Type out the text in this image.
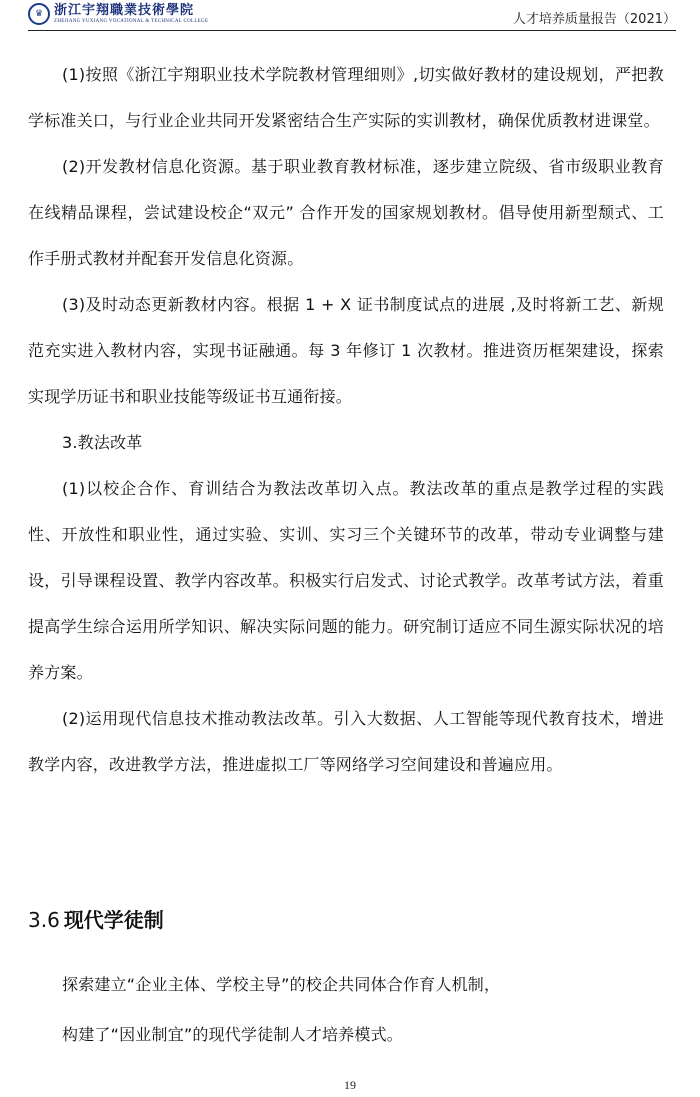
♛ 浙江宇翔職業技術學院
ZHEJIANG YUXIANG VOCATIONAL & TECHNICAL COLLEGE	人才培养质量报告（2021）

(1)按照《浙江宇翔职业技术学院教材管理细则》,切实做好教材的建设规划，严把教学标准关口，与行业企业共同开发紧密结合生产实际的实训教材，确保优质教材进课堂。

(2)开发教材信息化资源。基于职业教育教材标准，逐步建立院级、省市级职业教育在线精品课程，尝试建设校企“双元” 合作开发的国家规划教材。倡导使用新型颓式、工作手册式教材并配套开发信息化资源。

(3)及时动态更新教材内容。根据 1 + X 证书制度试点的进展 ,及时将新工艺、新规范充实进入教材内容，实现书证融通。每 3 年修订 1 次教材。推进资历框架建设，探索实现学历证书和职业技能等级证书互通衔接。

3.教法改革

(1)以校企合作、育训结合为教法改革切入点。教法改革的重点是教学过程的实践性、开放性和职业性，通过实验、实训、实习三个关键环节的改革，带动专业调整与建设，引导课程设置、教学内容改革。积极实行启发式、讨论式教学。改革考试方法，着重提高学生综合运用所学知识、解决实际问题的能力。研究制订适应不同生源实际状况的培养方案。

(2)运用现代信息技术推动教法改革。引入大数据、人工智能等现代教育技术，增进教学内容，改进教学方法，推进虚拟工厂等网络学习空间建设和普遍应用。

3.6 现代学徒制

探索建立“企业主体、学校主导”的校企共同体合作育人机制，

构建了“因业制宜”的现代学徒制人才培养模式。

19
